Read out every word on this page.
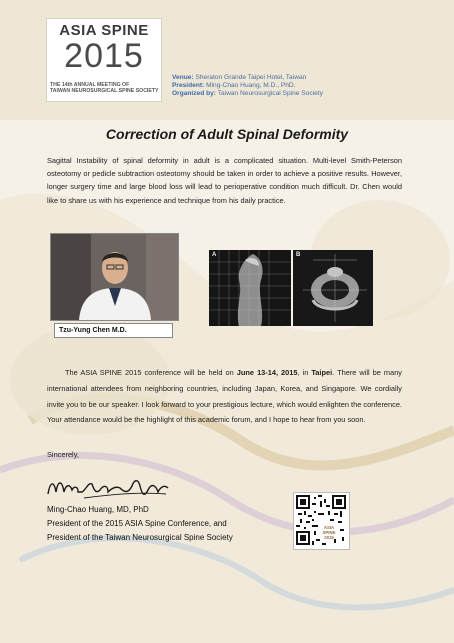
ASIA SPINE
2015
THE 14th ANNUAL MEETING OF
TAIWAN NEUROSURGICAL SPINE SOCIETY
Venue: Sheraton Grande Taipei Hotel, Taiwan
President: Ming-Chao Huang, M.D., PhD.
Organized by: Taiwan Neurosurgical Spine Society
Correction of Adult Spinal Deformity
Sagittal Instability of spinal deformity in adult is a complicated situation. Multi-level Smith-Peterson osteotomy or pedicle subtraction osteotomy should be taken in order to achieve a positive results. However, longer surgery time and large blood loss will lead to perioperative condition much difficult. Dr. Chen would like to share us with his experience and technique from his daily practice.
Tzu-Yung Chen M.D.
A	B
The ASIA SPINE 2015 conference will be held on June 13-14, 2015, in Taipei. There will be many international attendees from neighboring countries, including Japan, Korea, and Singapore. We cordially invite you to be our speaker. I look forward to your prestigious lecture, which would enlighten the conference. Your attendance would be the highlight of this academic forum, and I hope to hear from you soon.
Sincerely,
Ming-Chao Huang, MD, PhD
President of the 2015 ASIA Spine Conference, and
President of the Taiwan Neurosurgical Spine Society
ASIA
SPINE
2015
